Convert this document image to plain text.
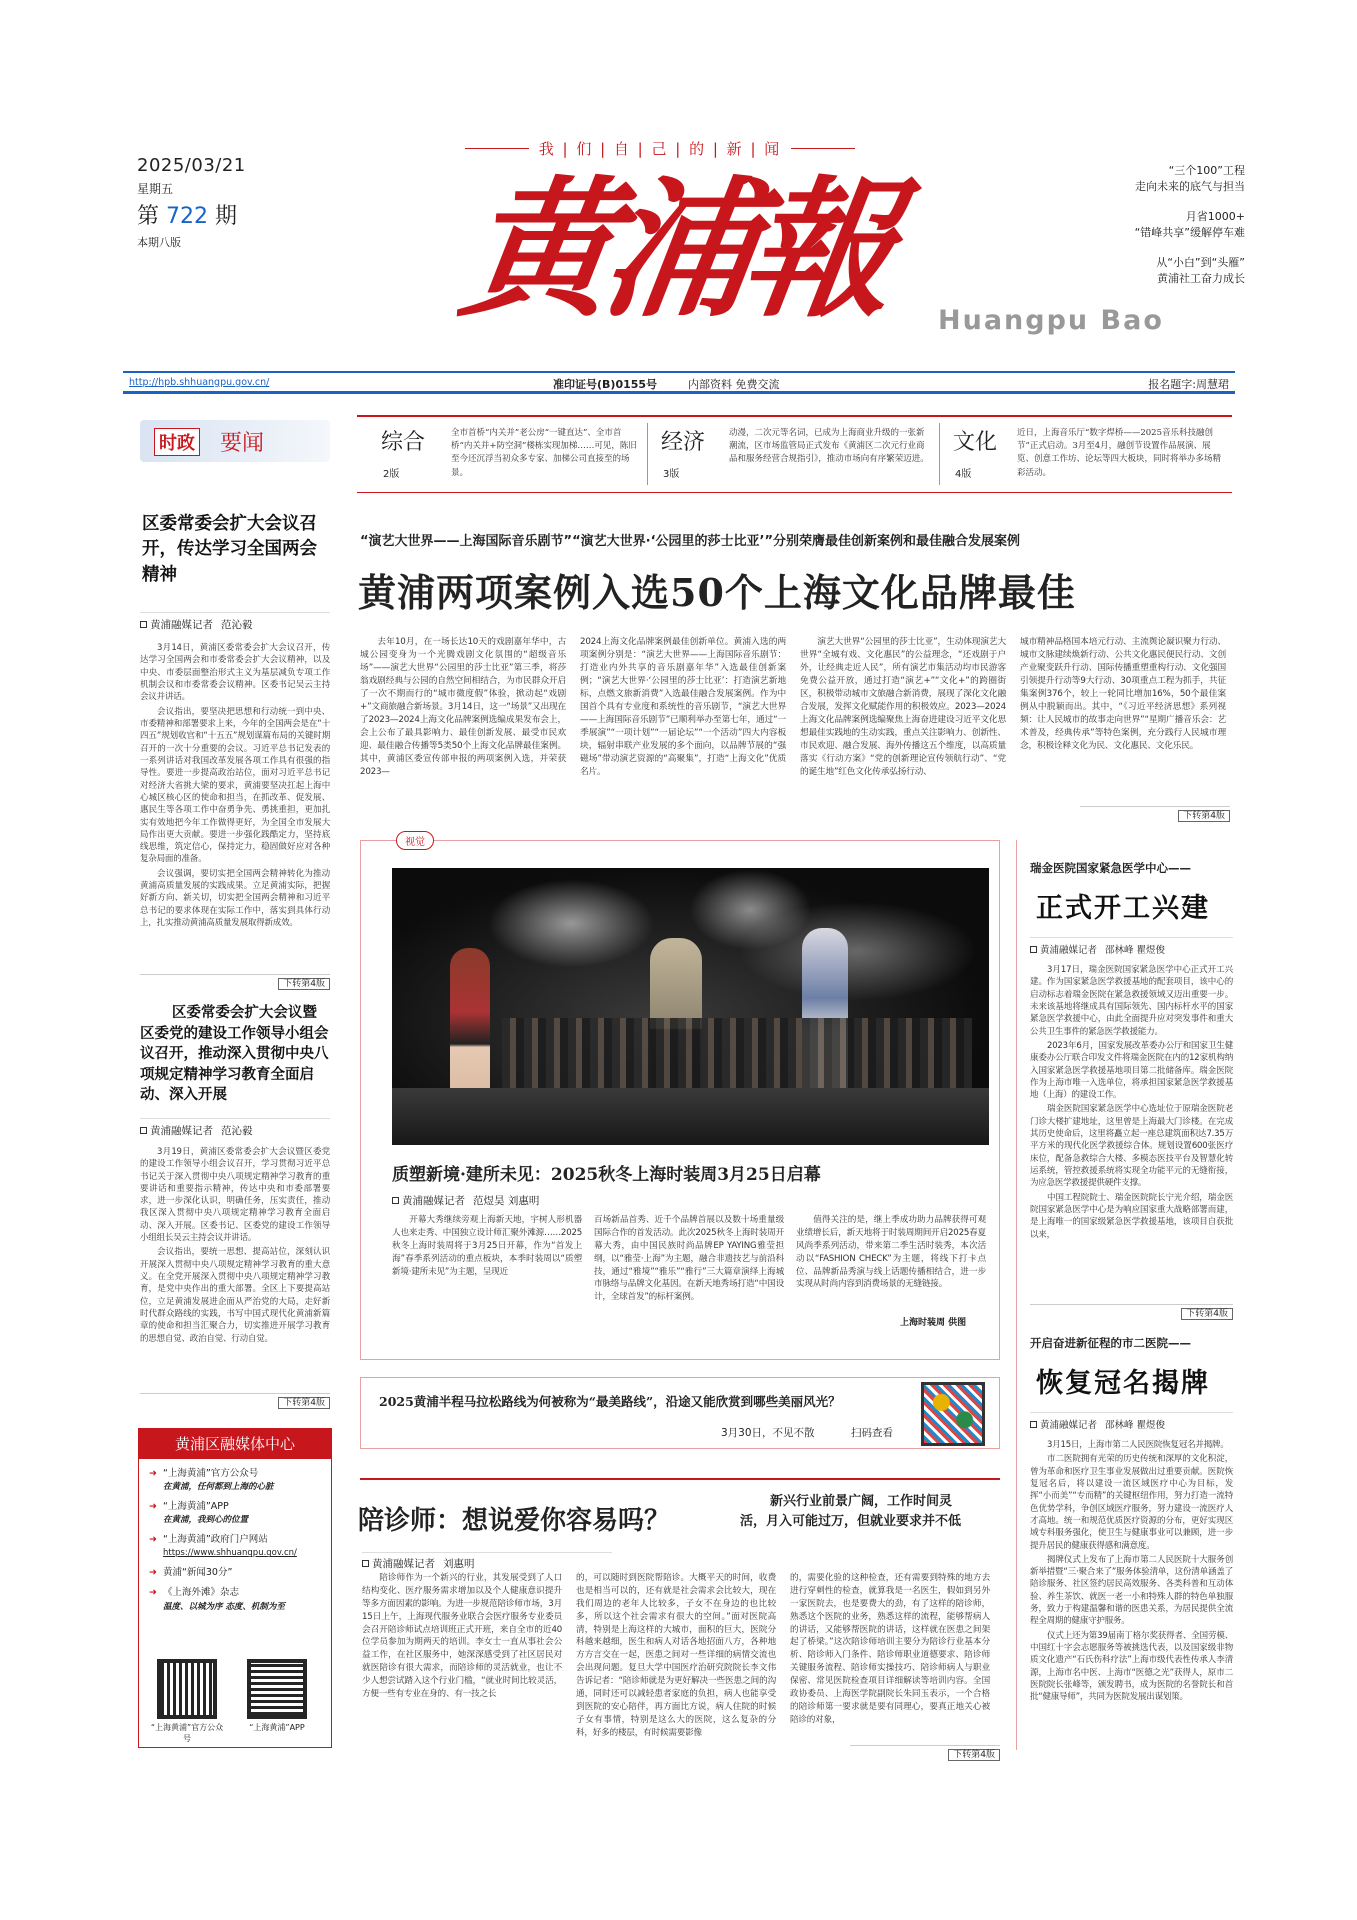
2025/03/21
星期五
第 722 期
本期八版
我 | 们 | 自 | 己 | 的 | 新 | 闻
黄浦報	Huangpu Bao
“三个100”工程
走向未来的底气与担当
月省1000+
“错峰共享”缓解停车难
从“小白”到“头雁”
黄浦社工奋力成长
http://hpb.shhuangpu.gov.cn/	准印证号(B)0155号	内部资料 免费交流	报名题字:周慧珺
综合
2版
全市首桥“内关并”老公房“一键直达”、全市首桥“内关并+防空洞”楼栋实现加梯……可见，陈旧至今还沉浮当初众多专家、加梯公司直接至的场景。
经济
3版
动漫，二次元等名词，已成为上海商业升级的一张新潮流，区市场监管局正式发布《黄浦区二次元行业商品和服务经营合规指引》，推动市场向有序繁荣迈进。
文化
4版
近日，上海音乐厅“数字焊桥——2025音乐科技融创节”正式启动。3月至4月，融创节设置作品展演、展览、创意工作坊、论坛等四大板块，同时将举办多场精彩活动。
时政 要闻
区委常委会扩大会议召开，传达学习全国两会精神
黄浦融媒记者 范沁毅

3月14日，黄浦区委常委会扩大会议召开，传达学习全国两会和市委常委会扩大会议精神，以及中央、市委层面整治形式主义为基层减负专项工作机制会议和市委常委会议精神。区委书记吴云主持会议并讲话。

会议指出，要坚决把思想和行动统一到中央、市委精神和部署要求上来，今年的全国两会是在“十四五”规划收官和“十五五”规划谋篇布局的关键时期召开的一次十分重要的会议。习近平总书记发表的一系列讲话对我国改革发展各项工作具有很强的指导性。要进一步提高政治站位，面对习近平总书记对经济大省挑大梁的要求，黄浦要坚决扛起上海中心城区核心区的使命和担当，在抓改革、促发展、惠民生等各项工作中奋勇争先、勇挑重担，更加扎实有效地把今年工作做得更好，为全国全市发展大局作出更大贡献。要进一步强化践酷定力，坚持底线思维，筑定信心，保持定力，稳固做好应对各种复杂局面的准备。

会议强调，要切实把全国两会精神转化为推动黄浦高质量发展的实践成果。立足黄浦实际，把握好新方向、新关切，切实把全国两会精神和习近平总书记的要求体现在实际工作中，落实到具体行动上，扎实推动黄浦高质量发展取得新成效。

下转第4版
区委常委会扩大会议暨区委党的建设工作领导小组会议召开，推动深入贯彻中央八项规定精神学习教育全面启动、深入开展
黄浦融媒记者 范沁毅

3月19日，黄浦区委常委会扩大会议暨区委党的建设工作领导小组会议召开，学习贯彻习近平总书记关于深入贯彻中央八项规定精神学习教育的重要讲话和重要指示精神，传达中央和市委部署要求，进一步深化认识，明确任务，压实责任，推动我区深入贯彻中央八项规定精神学习教育全面启动、深入开展。区委书记、区委党的建设工作领导小组组长吴云主持会议并讲话。

会议指出，要统一思想、提高站位，深刻认识开展深入贯彻中央八项规定精神学习教育的重大意义。在全党开展深入贯彻中央八项规定精神学习教育，是党中央作出的重大部署。全区上下要提高站位，立足黄浦发展进企面从严治党的大局，走好新时代群众路线的实践，书写中国式现代化黄浦新篇章的使命和担当汇聚合力，切实推进开展学习教育的思想自觉、政治自觉、行动自觉。

下转第4版
黄浦区融媒体中心
➜ “上海黄浦”官方公众号
在黄浦，任何都到上海的心脏
➜ “上海黄浦”APP
在黄浦，我到心的位置
➜ “上海黄浦”政府门户网站
https://www.shhuangpu.gov.cn/
➜ 黄浦“新闻30分”
➜ 《上海外滩》杂志
温度、以城为序 态度、机制为至
“上海黄浦”官方公众号
“上海黄浦”APP
“演艺大世界——上海国际音乐剧节”“演艺大世界·‘公园里的莎士比亚’”分别荣膺最佳创新案例和最佳融合发展案例
黄浦两项案例入选50个上海文化品牌最佳
去年10月，在一场长达10天的戏剧嘉年华中，古城公园变身为一个光腾戏剧文化氛围的“超级音乐场”——演艺大世界“公园里的莎士比亚”第三季，将莎翁戏剧经典与公园的自然空间相结合，为市民群众开启了一次不期而行的“城市微度假”体验，掀动起“戏剧+”文商旅融合新场景。3月14日，这一“场景”又出现在了2023—2024上海文化品牌案例选编成果发布会上，会上公布了最具影响力、最佳创新发展、最受市民欢迎、最佳融合传播等5类50个上海文化品牌最佳案例。其中，黄浦区委宣传部申报的两项案例入选，并荣获2023—
2024上海文化品牌案例最佳创新单位。黄浦入选的两项案例分别是：“演艺大世界——上海国际音乐剧节：打造业内外共享的音乐剧嘉年华”入选最佳创新案例；“演艺大世界·‘公园里的莎士比亚’：打造演艺新地标，点燃文旅新消费”入选最佳融合发展案例。作为中国首个具有专业度和系统性的音乐剧节，“演艺大世界——上海国际音乐剧节”已顺利举办至第七年，通过“一季展演”“一项计划”“一届论坛”“一个活动”四大内容板块，辐射串联产业发展的多个面向，以品牌节展的“强磁场”带动演艺资源的“高聚集”，打造“上海文化”优质名片。
演艺大世界“公园里的莎士比亚”，生动体现演艺大世界“全城有戏、文化惠民”的公益理念，“还戏剧于户外，让经典走近人民”，所有演艺市集活动均市民游客免费公益开放，通过打造“演艺+”“文化+”的跨圈街区，积极带动城市文旅融合新消费，展现了深化文化融合发展，发挥文化赋能作用的积极效应。2023—2024上海文化品牌案例选编聚焦上海奋进建设习近平文化思想最佳实践地的生动实践，重点关注影响力、创新性、市民欢迎、融合发展、海外传播这五个维度，以高质量落实《行动方案》“党的创新理论宣传领航行动”、“党的诞生地”红色文化传承弘扬行动、
城市精神品格国本培元行动、主流舆论凝识聚力行动、城市文脉建续焕新行动、公共文化惠民便民行动、文创产业聚变跃升行动、国际传播重塑重构行动、文化强国引领提升行动等9大行动、30项重点工程为抓手，共征集案例376个，较上一轮同比增加16%，50个最佳案例从中脱颖而出。其中，“《习近平经济思想》系列视频：让人民城市的故事走向世界”“星期广播音乐会：艺术普及，经典传承”等特色案例，充分践行人民城市理念，积极诠释文化为民、文化惠民、文化乐民。
下转第4版
视觉
质塑新境·建所未见：2025秋冬上海时装周3月25日启幕
黄浦融媒记者 范煜昊 刘惠明
开幕大秀继续旁观上海新天地，宇树人形机器人也来走秀、中国独立设计师汇聚外滩源……2025秋冬上海时装周将于3月25日开幕，作为“首发上海”春季系列活动的重点板块，本季时装周以“质塑新境·建所未见”为主题，呈现近
百场新品首秀、近千个品牌首展以及数十场重量级国际合作的首发活动。此次2025秋冬上海时装周开幕大秀，由中国民族时尚品牌EP YAYING雅莹担纲，以“雅莹·上海”为主题，融合非遗技艺与前沿科技，通过“雅境”“雅乐”“雅行”三大篇章演绎上海城市脉络与品牌文化基因。在新天地秀场打造“中国设计，全球首发”的标杆案例。
值得关注的是，继上季成功助力品牌获得可观业绩增长后，新天地将于时装周期间开启2025春夏风尚季系列活动，带来第二季生活时装秀，本次活动以“FASHION CHECK”为主题，将线下打卡点位、品牌新品秀演与线上话题传播相结合，进一步实现从时尚内容到消费场景的无缝链接。
上海时装周 供图
2025黄浦半程马拉松路线为何被称为“最美路线”，沿途又能欣赏到哪些美丽风光？
3月30日，不见不散	扫码查看
陪诊师：想说爱你容易吗？
新兴行业前景广阔，工作时间灵
活，月入可能过万，但就业要求并不低
黄浦融媒记者 刘惠明
陪诊师作为一个新兴的行业，其发展受到了人口结构变化、医疗服务需求增加以及个人健康意识提升等多方面因素的影响。为进一步规范陪诊师市场，3月15日上午，上海现代服务业联合会医疗服务专业委员会召开陪诊师试点培训班正式开班，来自全市的近40位学员参加为期两天的培训。李女士一直从事社会公益工作，在社区服务中，她深深感受到了社区居民对就医陪诊有很大需求，而陪诊师的灵活就业，也让不少人想尝试踏入这个行业门槛，“就业时间比较灵活，方便一些有专业在身的、有一技之长
的，可以随时到医院帮陪诊。大概平天的时间，收费也是相当可以的，还有就是社会需求会比较大，现在我们周边的老年人比较多，子女不在身边的也比较多，所以这个社会需求有很大的空间。”面对医院高清，特别是上海这样的大城市，面积的巨大，医院分科越来越细，医生和病人对话各地招面八方，各种地方方言交在一起，医患之间对一些详细的病情交流也会出现问题。复旦大学中国医疗治研究院院长李文伟告诉记者：“陪诊师就是为更好解决一些医患之间的沟通，同时还可以减轻患者家庭的负担，病人也能享受到医院的安心陪伴，再方面比方说，病人住院的时候子女有事情，特别是这么大的医院，这么复杂的分科，好多的楼层，有时候需要影像
的，需要化验的这种检查，还有需要到特殊的地方去进行穿刺性的检查，就算我是一名医生，假如到另外一家医院去，也是要费大的劲，有了这样的陪诊师，熟悉这个医院的业务，熟悉这样的流程，能够帮病人的讲话，又能够帮医院的讲话，这样就在医患之间架起了桥梁。”这次陪诊师培训主要分为陪诊行业基本分析、陪诊师入门条件、陪诊师职业道德要求、陪诊师关键服务流程、陪诊师实操技巧、陪诊师病人与职业保密、常见医院检查项目详细解读等培训内容。全国政协委员、上海医学院副院长朱同玉表示，一个合格的陪诊师第一要求就是要有同理心，要真正地关心被陪诊的对象，
下转第4版
瑞金医院国家紧急医学中心——
正式开工兴建
黄浦融媒记者 邵林峰 瞿煜俊

3月17日，瑞金医院国家紧急医学中心正式开工兴建。作为国家紧急医学救援基地的配套项目，该中心的启动标志着瑞金医院在紧急救援领域又迈出重要一步。未来该基地将继成具有国际领先、国内标杆水平的国家紧急医学救援中心，由此全面提升应对突发事件和重大公共卫生事件的紧急医学救援能力。

2023年6月，国家发展改革委办公厅和国家卫生健康委办公厅联合印发文件将瑞金医院在内的12家机构纳入国家紧急医学救援基地项目第二批储备库。瑞金医院作为上海市唯一入选单位，将承担国家紧急医学救援基地（上海）的建设工作。

瑞金医院国家紧急医学中心选址位于原瑞金医院老门诊大楼扩建地址，这里曾是上海最大门诊楼。在完成其历史使命后，这里将矗立起一座总建筑面积达7.35万平方米的现代化医学救援综合体。规划设置600张医疗床位，配备急救综合大楼、多模态医技平台及智慧化转运系统，管控救援系统将实现全功能平元的无缝衔接，为应急医学救援提供硬件支撑。

中国工程院院士、瑞金医院院长宁光介绍，瑞金医院国家紧急医学中心是为响应国家重大战略部署而建，是上海唯一的国家级紧急医学救援基地，该项目自获批以来，

下转第4版
开启奋进新征程的市二医院——
恢复冠名揭牌
黄浦融媒记者 邵林峰 瞿煜俊

3月15日，上海市第二人民医院恢复冠名并揭牌。

市二医院拥有光荣的历史传统和深厚的文化积淀，曾为革命和医疗卫生事业发展做出过重要贡献。医院恢复冠名后，将以建设一流区域医疗中心为目标，发挥“小而美”“专而精”的关键枢纽作用，努力打造一流特色优势学科，争创区域医疗服务，努力建设一流医疗人才高地。统一和规范优质医疗资源的分布，更好实现区域专科服务强化，使卫生与健康事业可以兼顾，进一步提升居民的健康获得感和满意度。

揭牌仪式上发布了上海市第二人民医院十大服务创新举措暨“三·聚合来了”服务体验清单，这份清单涵盖了陪诊服务、社区签约居民高效服务、各类科普和互动体验、养生茶饮、就医一老一小和特殊人群的特色单独服务，致力于构建温馨和谐的医患关系，为居民提供全流程全周期的健康守护服务。

仪式上还为第39届南丁格尔奖获得者、全国劳模、中国红十字会志愿服务等被挑选代表，以及国家级非物质文化遗产“石氏伤科疗法”上海市级代表性传承人李清源，上海市名中医、上海市“医德之光”获得人，原市二医院院长张峰等，颁发聘书，成为医院的名誉院长和首批“健康导师”，共同为医院发展出谋划策。
